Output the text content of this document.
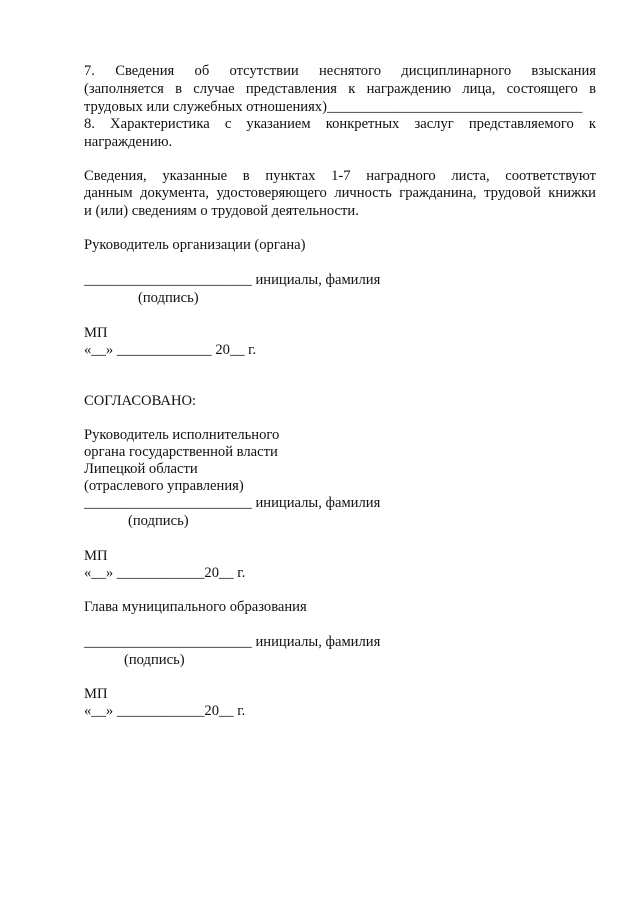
7. Сведения об отсутствии неснятого дисциплинарного взыскания
(заполняется в случае представления к награждению лица, состоящего в
трудовых или служебных отношениях)___________________________________
8. Характеристика с указанием конкретных заслуг представляемого к
награждению.
Сведения, указанные в пунктах 1-7 наградного листа, соответствуют
данным документа, удостоверяющего личность гражданина, трудовой книжки
и (или) сведениям о трудовой деятельности.
Руководитель организации (органа)
_______________________ инициалы, фамилия
(подпись)
МП
«__» _____________ 20__ г.
СОГЛАСОВАНО:
Руководитель исполнительного
органа государственной власти
Липецкой области
(отраслевого управления)
_______________________ инициалы, фамилия
(подпись)
МП
«__» ____________20__ г.
Глава муниципального образования
_______________________ инициалы, фамилия
(подпись)
МП
«__» ____________20__ г.
